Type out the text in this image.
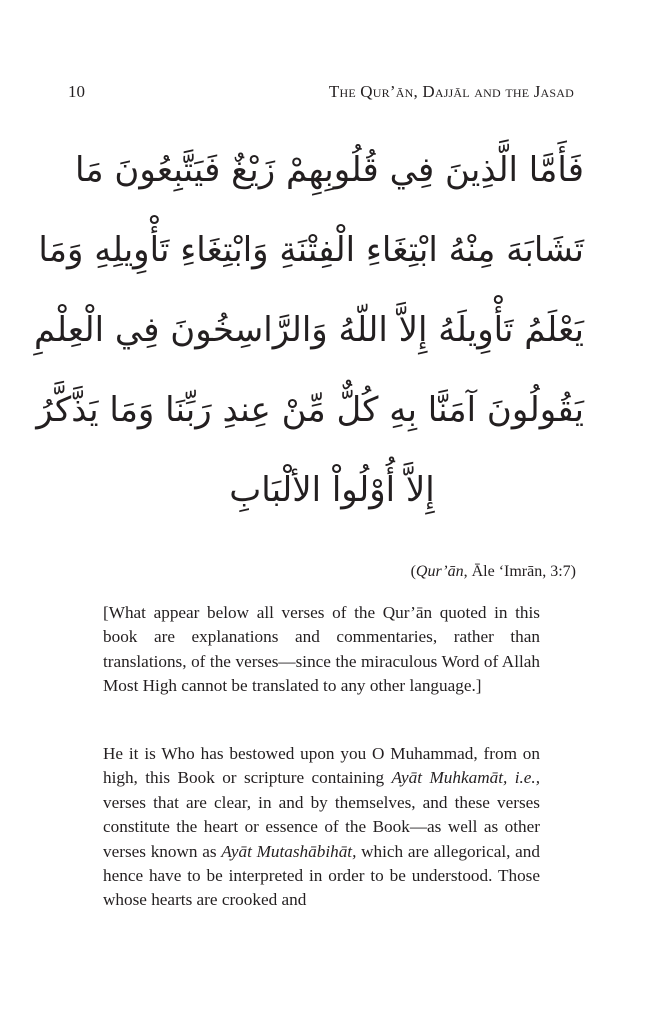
10	The Qur’ān, Dajjāl and the Jasad
فَأَمَّا الَّذِينَ فِي قُلُوبِهِمْ زَيْغٌ فَيَتَّبِعُونَ مَا
تَشَابَهَ مِنْهُ ابْتِغَاءِ الْفِتْنَةِ وَابْتِغَاءِ تَأْوِيلِهِ وَمَا
يَعْلَمُ تَأْوِيلَهُ إِلاَّ اللّهُ وَالرَّاسِخُونَ فِي الْعِلْمِ
يَقُولُونَ آمَنَّا بِهِ كُلٌّ مِّنْ عِندِ رَبِّنَا وَمَا يَذَّكَّرُ
إِلاَّ أُوْلُواْ الألْبَابِ
(Qur’ān, Āle ‘Imrān, 3:7)

[What appear below all verses of the Qur’ān quoted in this book are explanations and commentaries, rather than translations, of the verses—since the miraculous Word of Allah Most High cannot be translated to any other language.]

He it is Who has bestowed upon you O Muhammad, from on high, this Book or scripture containing Ayāt Muhkamāt, i.e., verses that are clear, in and by themselves, and these verses constitute the heart or essence of the Book—as well as other verses known as Ayāt Mutashābihāt, which are allegorical, and hence have to be interpreted in order to be understood. Those whose hearts are crooked and
